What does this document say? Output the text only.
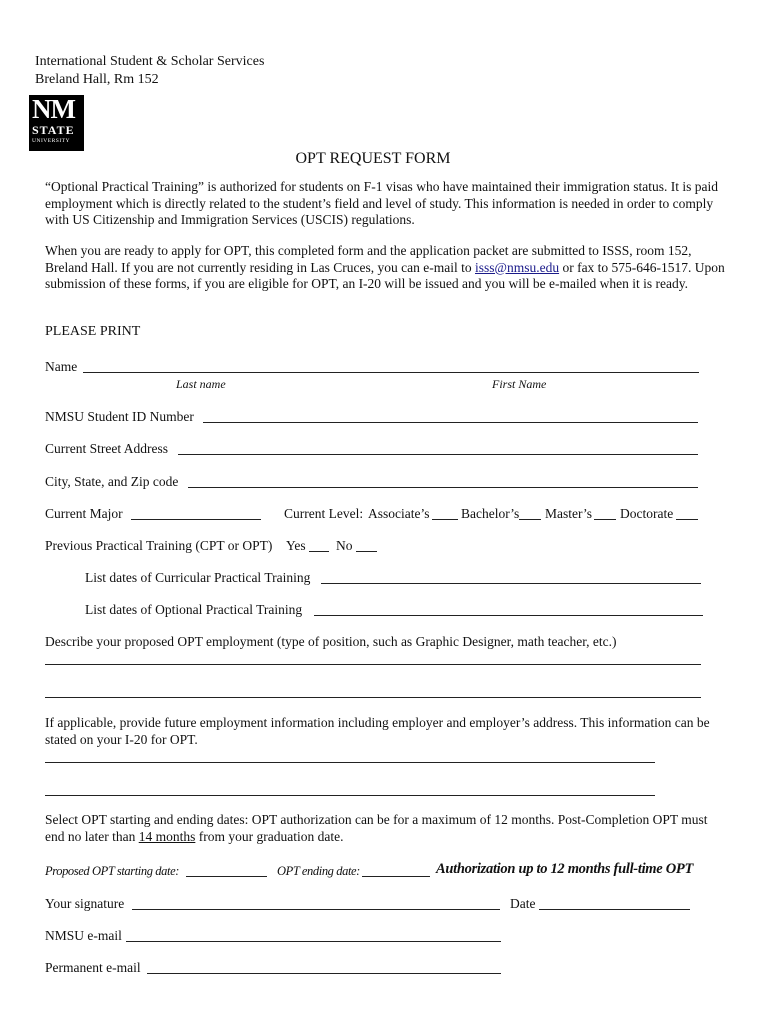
International Student & Scholar Services
Breland Hall, Rm 152
NM
STATE
UNIVERSITY
OPT REQUEST FORM
“Optional Practical Training” is authorized for students on F-1 visas who have maintained their immigration status. It is paid employment which is directly related to the student’s field and level of study. This information is needed in order to comply with US Citizenship and Immigration Services (USCIS) regulations.
When you are ready to apply for OPT, this completed form and the application packet are submitted to ISSS, room 152, Breland Hall. If you are not currently residing in Las Cruces, you can e-mail to isss@nmsu.edu or fax to 575-646-1517. Upon submission of these forms, if you are eligible for OPT, an I-20 will be issued and you will be e-mailed when it is ready.
PLEASE PRINT
Name
Last name	First Name
NMSU Student ID Number
Current Street Address
City, State, and Zip code
Current Major	Current Level: Associate’s Bachelor’s Master’s Doctorate
Previous Practical Training (CPT or OPT) Yes No
List dates of Curricular Practical Training
List dates of Optional Practical Training
Describe your proposed OPT employment (type of position, such as Graphic Designer, math teacher, etc.)
If applicable, provide future employment information including employer and employer’s address. This information can be stated on your I-20 for OPT.
Select OPT starting and ending dates: OPT authorization can be for a maximum of 12 months. Post-Completion OPT must end no later than 14 months from your graduation date.
Proposed OPT starting date:	OPT ending date:	Authorization up to 12 months full-time OPT
Your signature	Date
NMSU e-mail
Permanent e-mail
